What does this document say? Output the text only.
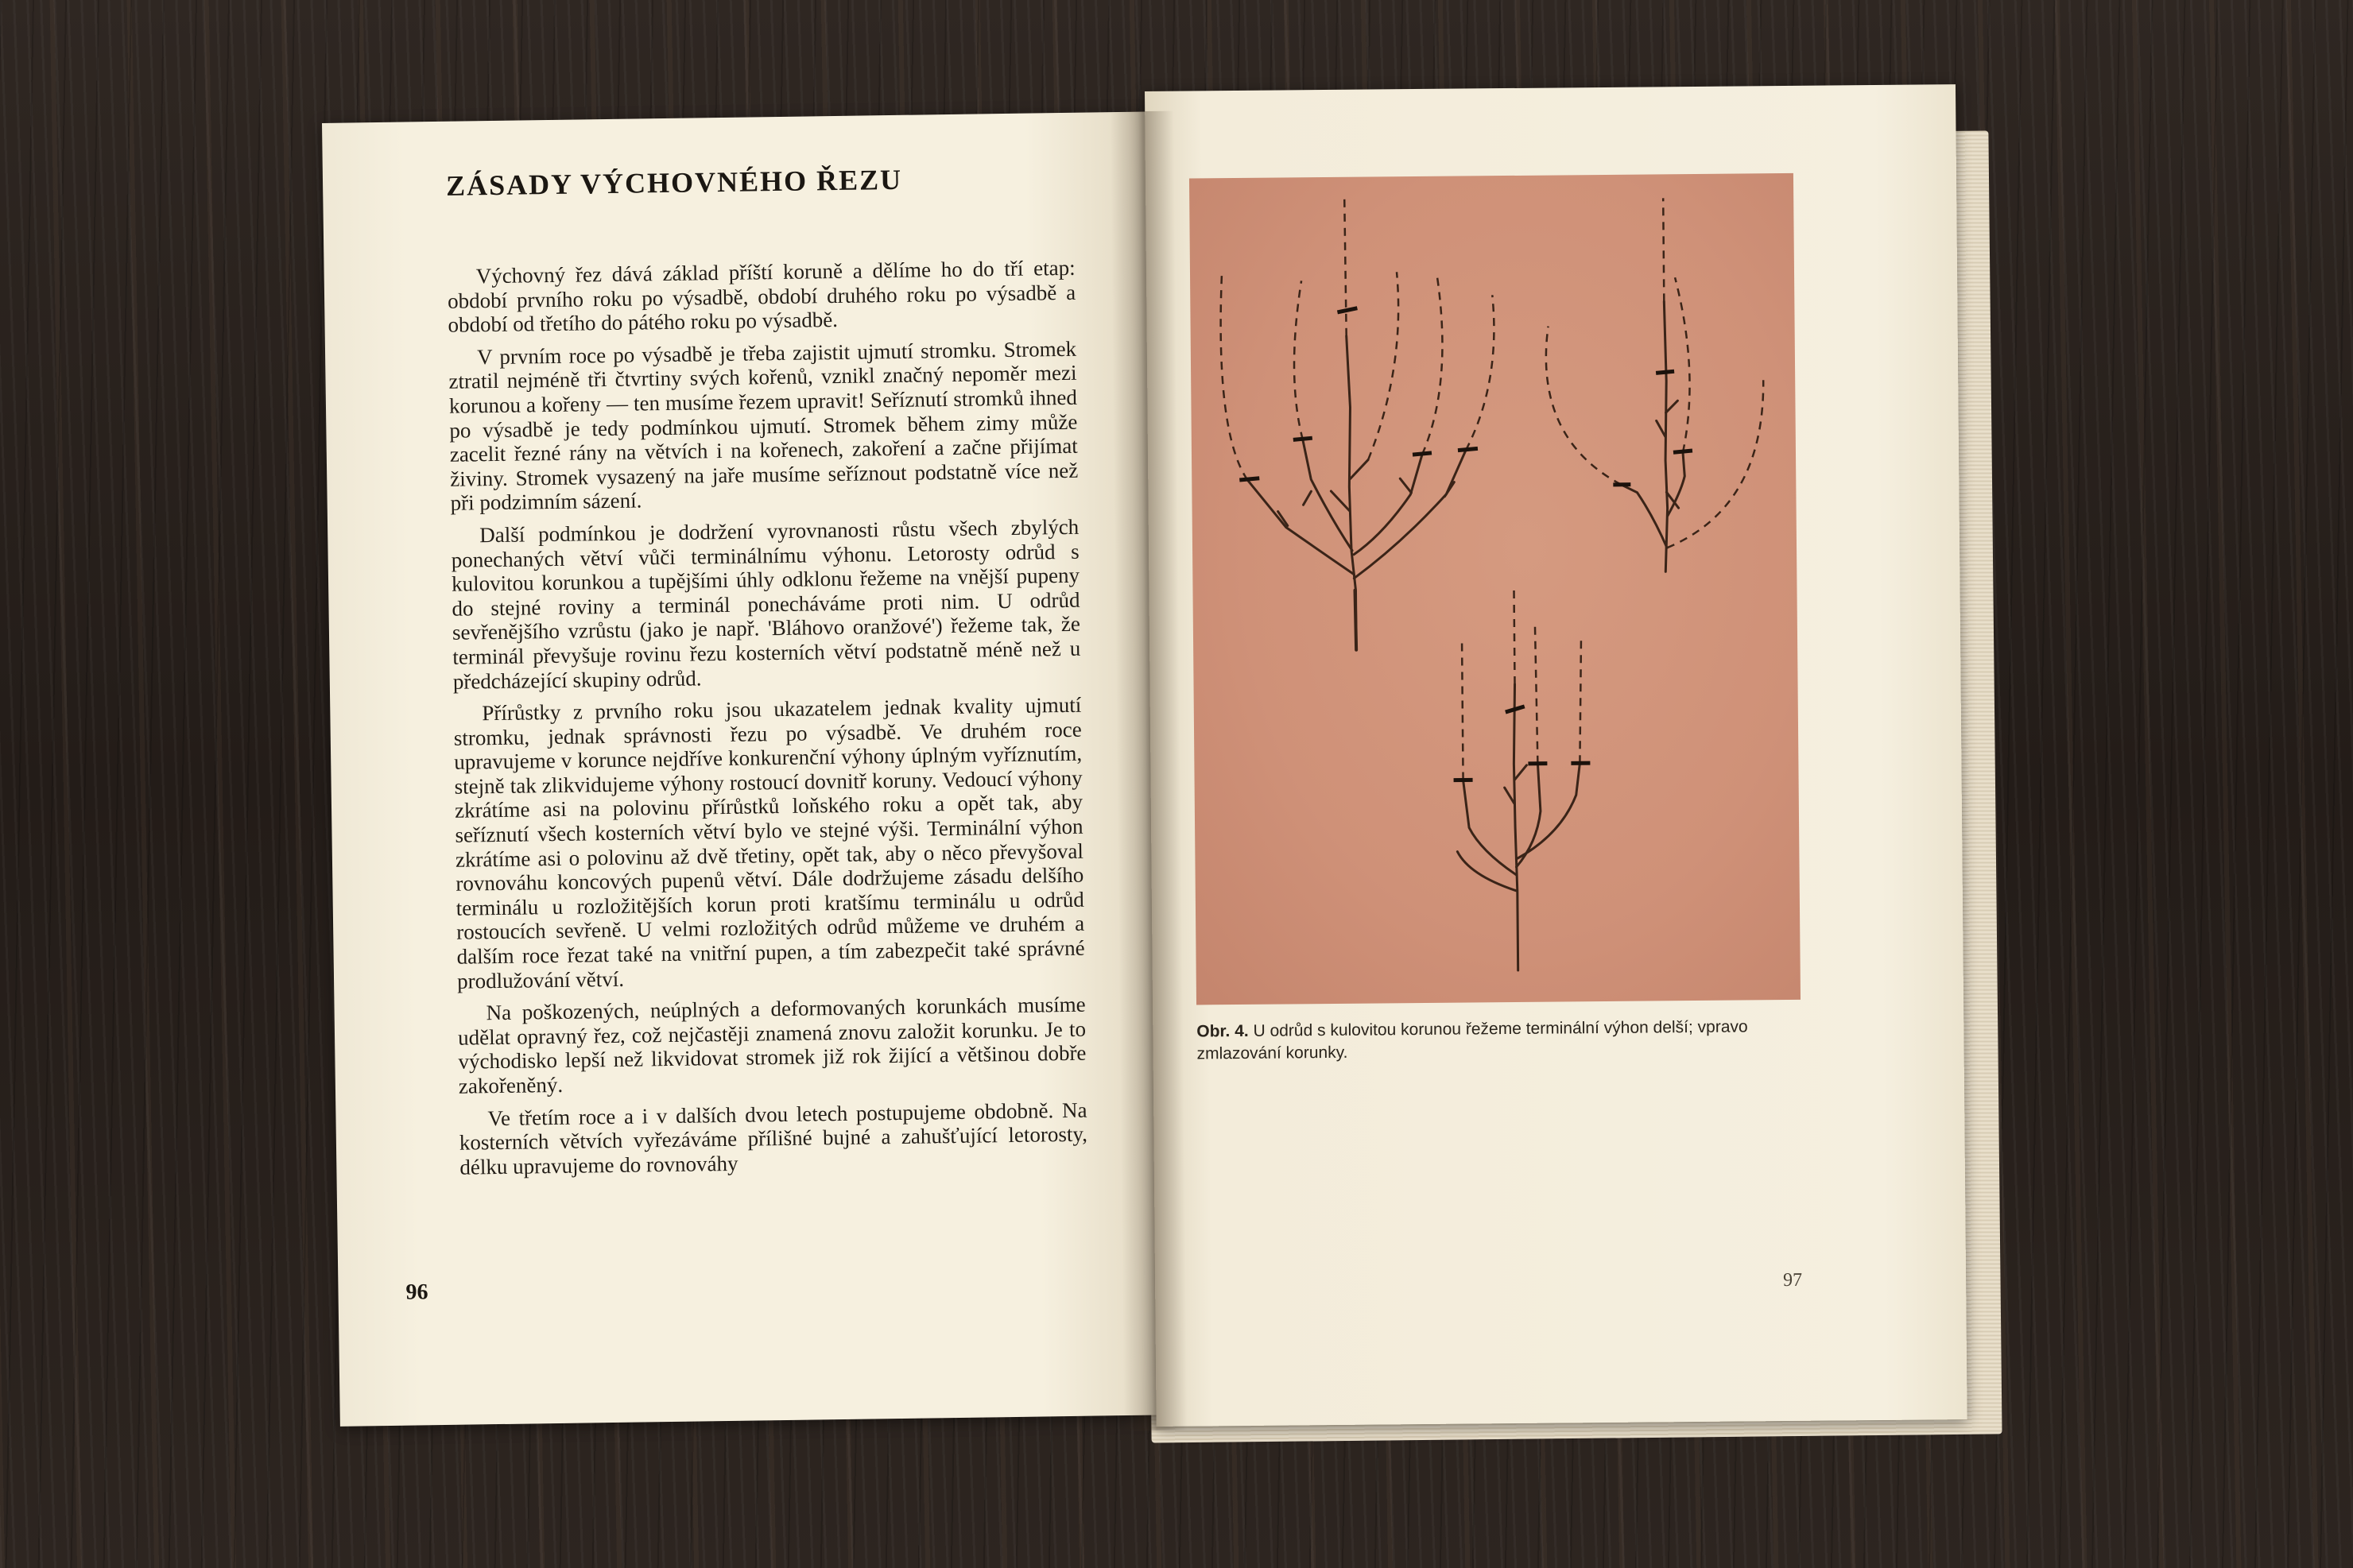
ZÁSADY VÝCHOVNÉHO ŘEZU

Výchovný řez dává základ příští koruně a dělíme ho do tří etap: období prvního roku po výsadbě, období druhého roku po výsadbě a období od třetího do pátého roku po výsadbě.

V prvním roce po výsadbě je třeba zajistit ujmutí stromku. Stromek ztratil nejméně tři čtvrtiny svých kořenů, vznikl značný nepoměr mezi korunou a kořeny — ten musíme řezem upravit! Seříznutí stromků ihned po výsadbě je tedy podmínkou ujmutí. Stromek během zimy může zacelit řezné rány na větvích i na kořenech, zakoření a začne přijímat živiny. Stromek vysazený na jaře musíme seříznout podstatně více než při podzimním sázení.

Další podmínkou je dodržení vyrovnanosti růstu všech zbylých ponechaných větví vůči terminálnímu výhonu. Letorosty odrůd s kulovitou korunkou a tupějšími úhly odklonu řežeme na vnější pupeny do stejné roviny a terminál ponecháváme proti nim. U odrůd sevřenějšího vzrůstu (jako je např. 'Bláhovo oranžové') řežeme tak, že terminál převyšuje rovinu řezu kosterních větví podstatně méně než u předcházející skupiny odrůd.

Přírůstky z prvního roku jsou ukazatelem jednak kvality ujmutí stromku, jednak správnosti řezu po výsadbě. Ve druhém roce upravujeme v korunce nejdříve konkurenční výhony úplným vyříznutím, stejně tak zlikvidujeme výhony rostoucí dovnitř koruny. Vedoucí výhony zkrátíme asi na polovinu přírůstků loňského roku a opět tak, aby seříznutí všech kosterních větví bylo ve stejné výši. Terminální výhon zkrátíme asi o polovinu až dvě třetiny, opět tak, aby o něco převyšoval rovnováhu koncových pupenů větví. Dále dodržujeme zásadu delšího terminálu u rozložitějších korun proti kratšímu terminálu u odrůd rostoucích sevřeně. U velmi rozložitých odrůd můžeme ve druhém a dalším roce řezat také na vnitřní pupen, a tím zabezpečit také správné prodlužování větví.

Na poškozených, neúplných a deformovaných korunkách musíme udělat opravný řez, což nejčastěji znamená znovu založit korunku. Je to východisko lepší než likvidovat stromek již rok žijící a většinou dobře zakořeněný.

Ve třetím roce a i v dalších dvou letech postupujeme obdobně. Na kosterních větvích vyřezáváme přílišné bujné a zahušťující letorosty, délku upravujeme do rovnováhy

96
Obr. 4. U odrůd s kulovitou korunou řežeme terminální výhon delší; vpravo zmlazování korunky.
97
